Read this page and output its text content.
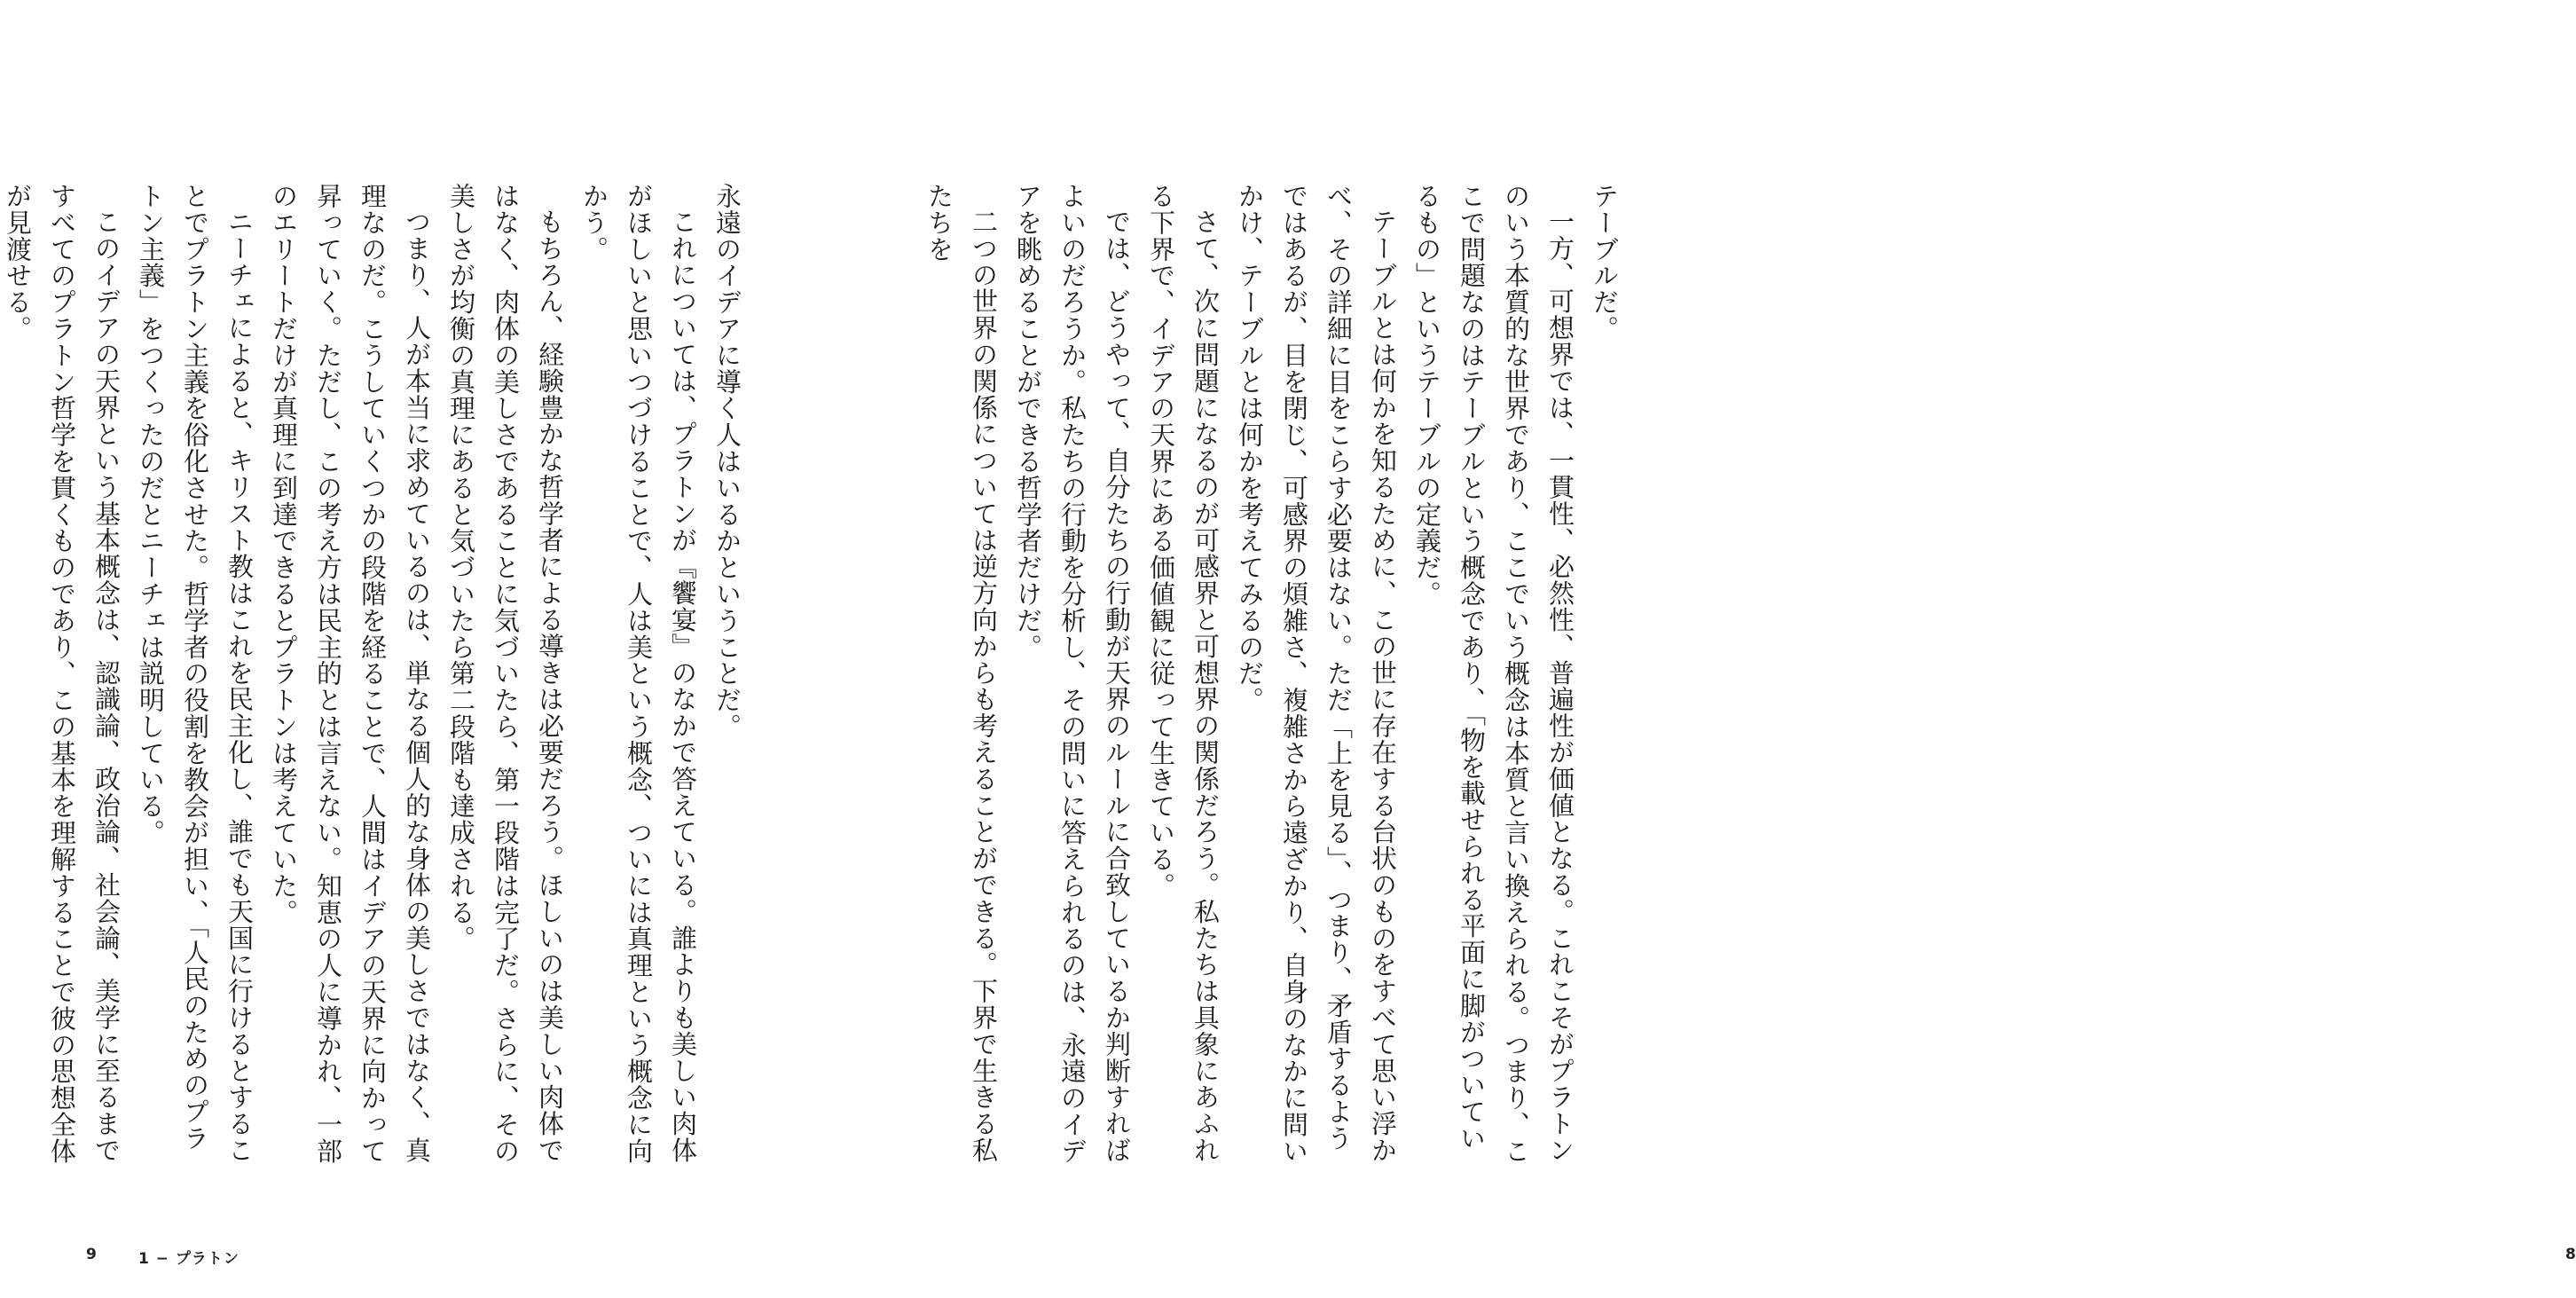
永遠のイデアに導く人はいるかということだ。

これについては、プラトンが『饗宴』のなかで答えている。誰よりも美しい肉体がほしいと思いつづけることで、人は美という概念、ついには真理という概念に向かう。

もちろん、経験豊かな哲学者による導きは必要だろう。ほしいのは美しい肉体ではなく、肉体の美しさであることに気づいたら、第一段階は完了だ。さらに、その美しさが均衡の真理にあると気づいたら第二段階も達成される。

つまり、人が本当に求めているのは、単なる個人的な身体の美しさではなく、真理なのだ。こうしていくつかの段階を経ることで、人間はイデアの天界に向かって昇っていく。ただし、この考え方は民主的とは言えない。知恵の人に導かれ、一部のエリートだけが真理に到達できるとプラトンは考えていた。

ニーチェによると、キリスト教はこれを民主化し、誰でも天国に行けるとすることでプラトン主義を俗化させた。哲学者の役割を教会が担い、「人民のためのプラトン主義」をつくったのだとニーチェは説明している。

このイデアの天界という基本概念は、認識論、政治論、社会論、美学に至るまですべてのプラトン哲学を貫くものであり、この基本を理解することで彼の思想全体が見渡せる。

9	1 − プラトン

テーブルだ。

一方、可想界では、一貫性、必然性、普遍性が価値となる。これこそがプラトンのいう本質的な世界であり、ここでいう概念は本質と言い換えられる。つまり、ここで問題なのはテーブルという概念であり、「物を載せられる平面に脚がついているもの」というテーブルの定義だ。

テーブルとは何かを知るために、この世に存在する台状のものをすべて思い浮かべ、その詳細に目をこらす必要はない。ただ「上を見る」、つまり、矛盾するようではあるが、目を閉じ、可感界の煩雑さ、複雑さから遠ざかり、自身のなかに問いかけ、テーブルとは何かを考えてみるのだ。

さて、次に問題になるのが可感界と可想界の関係だろう。私たちは具象にあふれる下界で、イデアの天界にある価値観に従って生きている。

では、どうやって、自分たちの行動が天界のルールに合致しているか判断すればよいのだろうか。私たちの行動を分析し、その問いに答えられるのは、永遠のイデアを眺めることができる哲学者だけだ。

二つの世界の関係については逆方向からも考えることができる。下界で生きる私たちを

8
